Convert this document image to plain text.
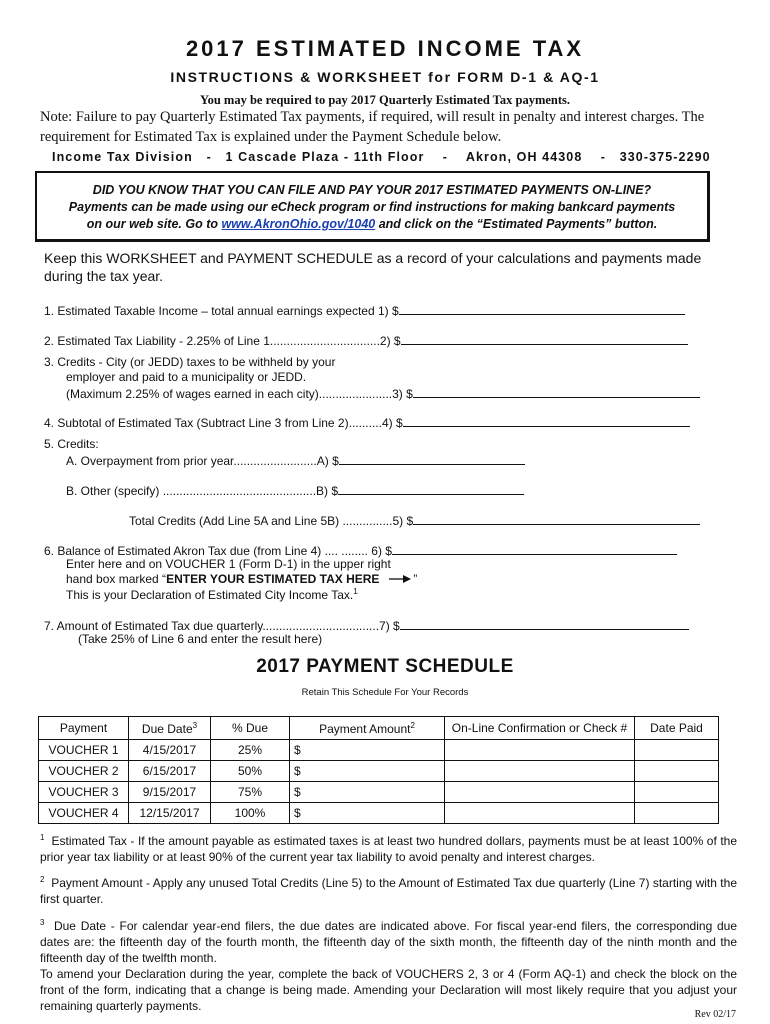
2017 ESTIMATED INCOME TAX
INSTRUCTIONS & WORKSHEET for FORM D-1 & AQ-1
You may be required to pay 2017 Quarterly Estimated Tax payments.
Note: Failure to pay Quarterly Estimated Tax payments, if required, will result in penalty and interest charges. The requirement for Estimated Tax is explained under the Payment Schedule below.
Income Tax Division - 1 Cascade Plaza - 11th Floor - Akron, OH 44308 - 330-375-2290
DID YOU KNOW THAT YOU CAN FILE AND PAY YOUR 2017 ESTIMATED PAYMENTS ON-LINE?
Payments can be made using our eCheck program or find instructions for making bankcard payments
on our web site. Go to www.AkronOhio.gov/1040 and click on the “Estimated Payments” button.
Keep this WORKSHEET and PAYMENT SCHEDULE as a record of your calculations and payments made during the tax year.
1. Estimated Taxable Income – total annual earnings expected 1) $
2. Estimated Tax Liability - 2.25% of Line 1.................................2) $
3. Credits - City (or JEDD) taxes to be withheld by your
employer and paid to a municipality or JEDD.
(Maximum 2.25% of wages earned in each city)......................3) $
4. Subtotal of Estimated Tax (Subtract Line 3 from Line 2)..........4) $
5. Credits:
A. Overpayment from prior year.........................A) $
B. Other (specify) ..............................................B) $
Total Credits (Add Line 5A and Line 5B) ...............5) $
6. Balance of Estimated Akron Tax due (from Line 4) .... ........ 6) $
Enter here and on VOUCHER 1 (Form D-1) in the upper right
hand box marked “ENTER YOUR ESTIMATED TAX HERE	”
This is your Declaration of Estimated City Income Tax.$^1$
7. Amount of Estimated Tax due quarterly...................................7) $
(Take 25% of Line 6 and enter the result here)
2017 PAYMENT SCHEDULE
Retain This Schedule For Your Records
Payment	Due Date$^3$	% Due	Payment Amount$^2$	On-Line Confirmation or Check #	Date Paid
VOUCHER 1	4/15/2017	25%	$		
VOUCHER 2	6/15/2017	50%	$		
VOUCHER 3	9/15/2017	75%	$		
VOUCHER 4	12/15/2017	100%	$		
$^1$ Estimated Tax - If the amount payable as estimated taxes is at least two hundred dollars, payments must be at least 100% of the prior year tax liability or at least 90% of the current year tax liability to avoid penalty and interest charges.
$^2$ Payment Amount - Apply any unused Total Credits (Line 5) to the Amount of Estimated Tax due quarterly (Line 7) starting with the first quarter.
$^3$ Due Date - For calendar year-end filers, the due dates are indicated above. For fiscal year-end filers, the corresponding due dates are: the fifteenth day of the fourth month, the fifteenth day of the sixth month, the fifteenth day of the ninth month and the fifteenth day of the twelfth month.
To amend your Declaration during the year, complete the back of VOUCHERS 2, 3 or 4 (Form AQ-1) and check the block on the front of the form, indicating that a change is being made. Amending your Declaration will most likely require that you adjust your remaining quarterly payments.
Rev 02/17
